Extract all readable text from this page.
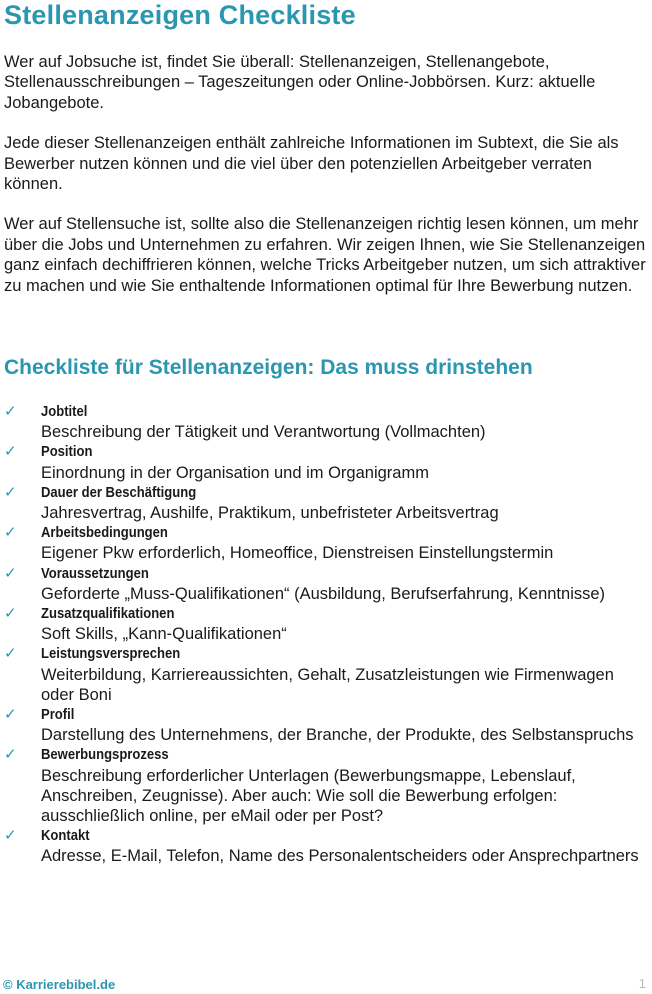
Stellenanzeigen Checkliste

Wer auf Jobsuche ist, findet Sie überall: Stellenanzeigen, Stellenangebote, Stellenausschreibungen – Tageszeitungen oder Online-Jobbörsen. Kurz: aktuelle Jobangebote.

Jede dieser Stellenanzeigen enthält zahlreiche Informationen im Subtext, die Sie als Bewerber nutzen können und die viel über den potenziellen Arbeitgeber verraten können.

Wer auf Stellensuche ist, sollte also die Stellenanzeigen richtig lesen können, um mehr über die Jobs und Unternehmen zu erfahren. Wir zeigen Ihnen, wie Sie Stellenanzeigen ganz einfach dechiffrieren können, welche Tricks Arbeitgeber nutzen, um sich attraktiver zu machen und wie Sie enthaltende Informationen optimal für Ihre Bewerbung nutzen.

Checkliste für Stellenanzeigen: Das muss drinstehen
✓	Jobtitel
Beschreibung der Tätigkeit und Verantwortung (Vollmachten)
✓	Position
Einordnung in der Organisation und im Organigramm
✓	Dauer der Beschäftigung
Jahresvertrag, Aushilfe, Praktikum, unbefristeter Arbeitsvertrag
✓	Arbeitsbedingungen
Eigener Pkw erforderlich, Homeoffice, Dienstreisen Einstellungstermin
✓	Voraussetzungen
Geforderte „Muss-Qualifikationen“ (Ausbildung, Berufserfahrung, Kenntnisse)
✓	Zusatzqualifikationen
Soft Skills, „Kann-Qualifikationen“
✓	Leistungsversprechen
Weiterbildung, Karriereaussichten, Gehalt, Zusatzleistungen wie Firmenwagen oder Boni
✓	Profil
Darstellung des Unternehmens, der Branche, der Produkte, des Selbstanspruchs
✓	Bewerbungsprozess
Beschreibung erforderlicher Unterlagen (Bewerbungsmappe, Lebenslauf, Anschreiben, Zeugnisse). Aber auch: Wie soll die Bewerbung erfolgen: ausschließlich online, per eMail oder per Post?
✓	Kontakt
Adresse, E-Mail, Telefon, Name des Personalentscheiders oder Ansprechpartners
© Karrierebibel.de	1
